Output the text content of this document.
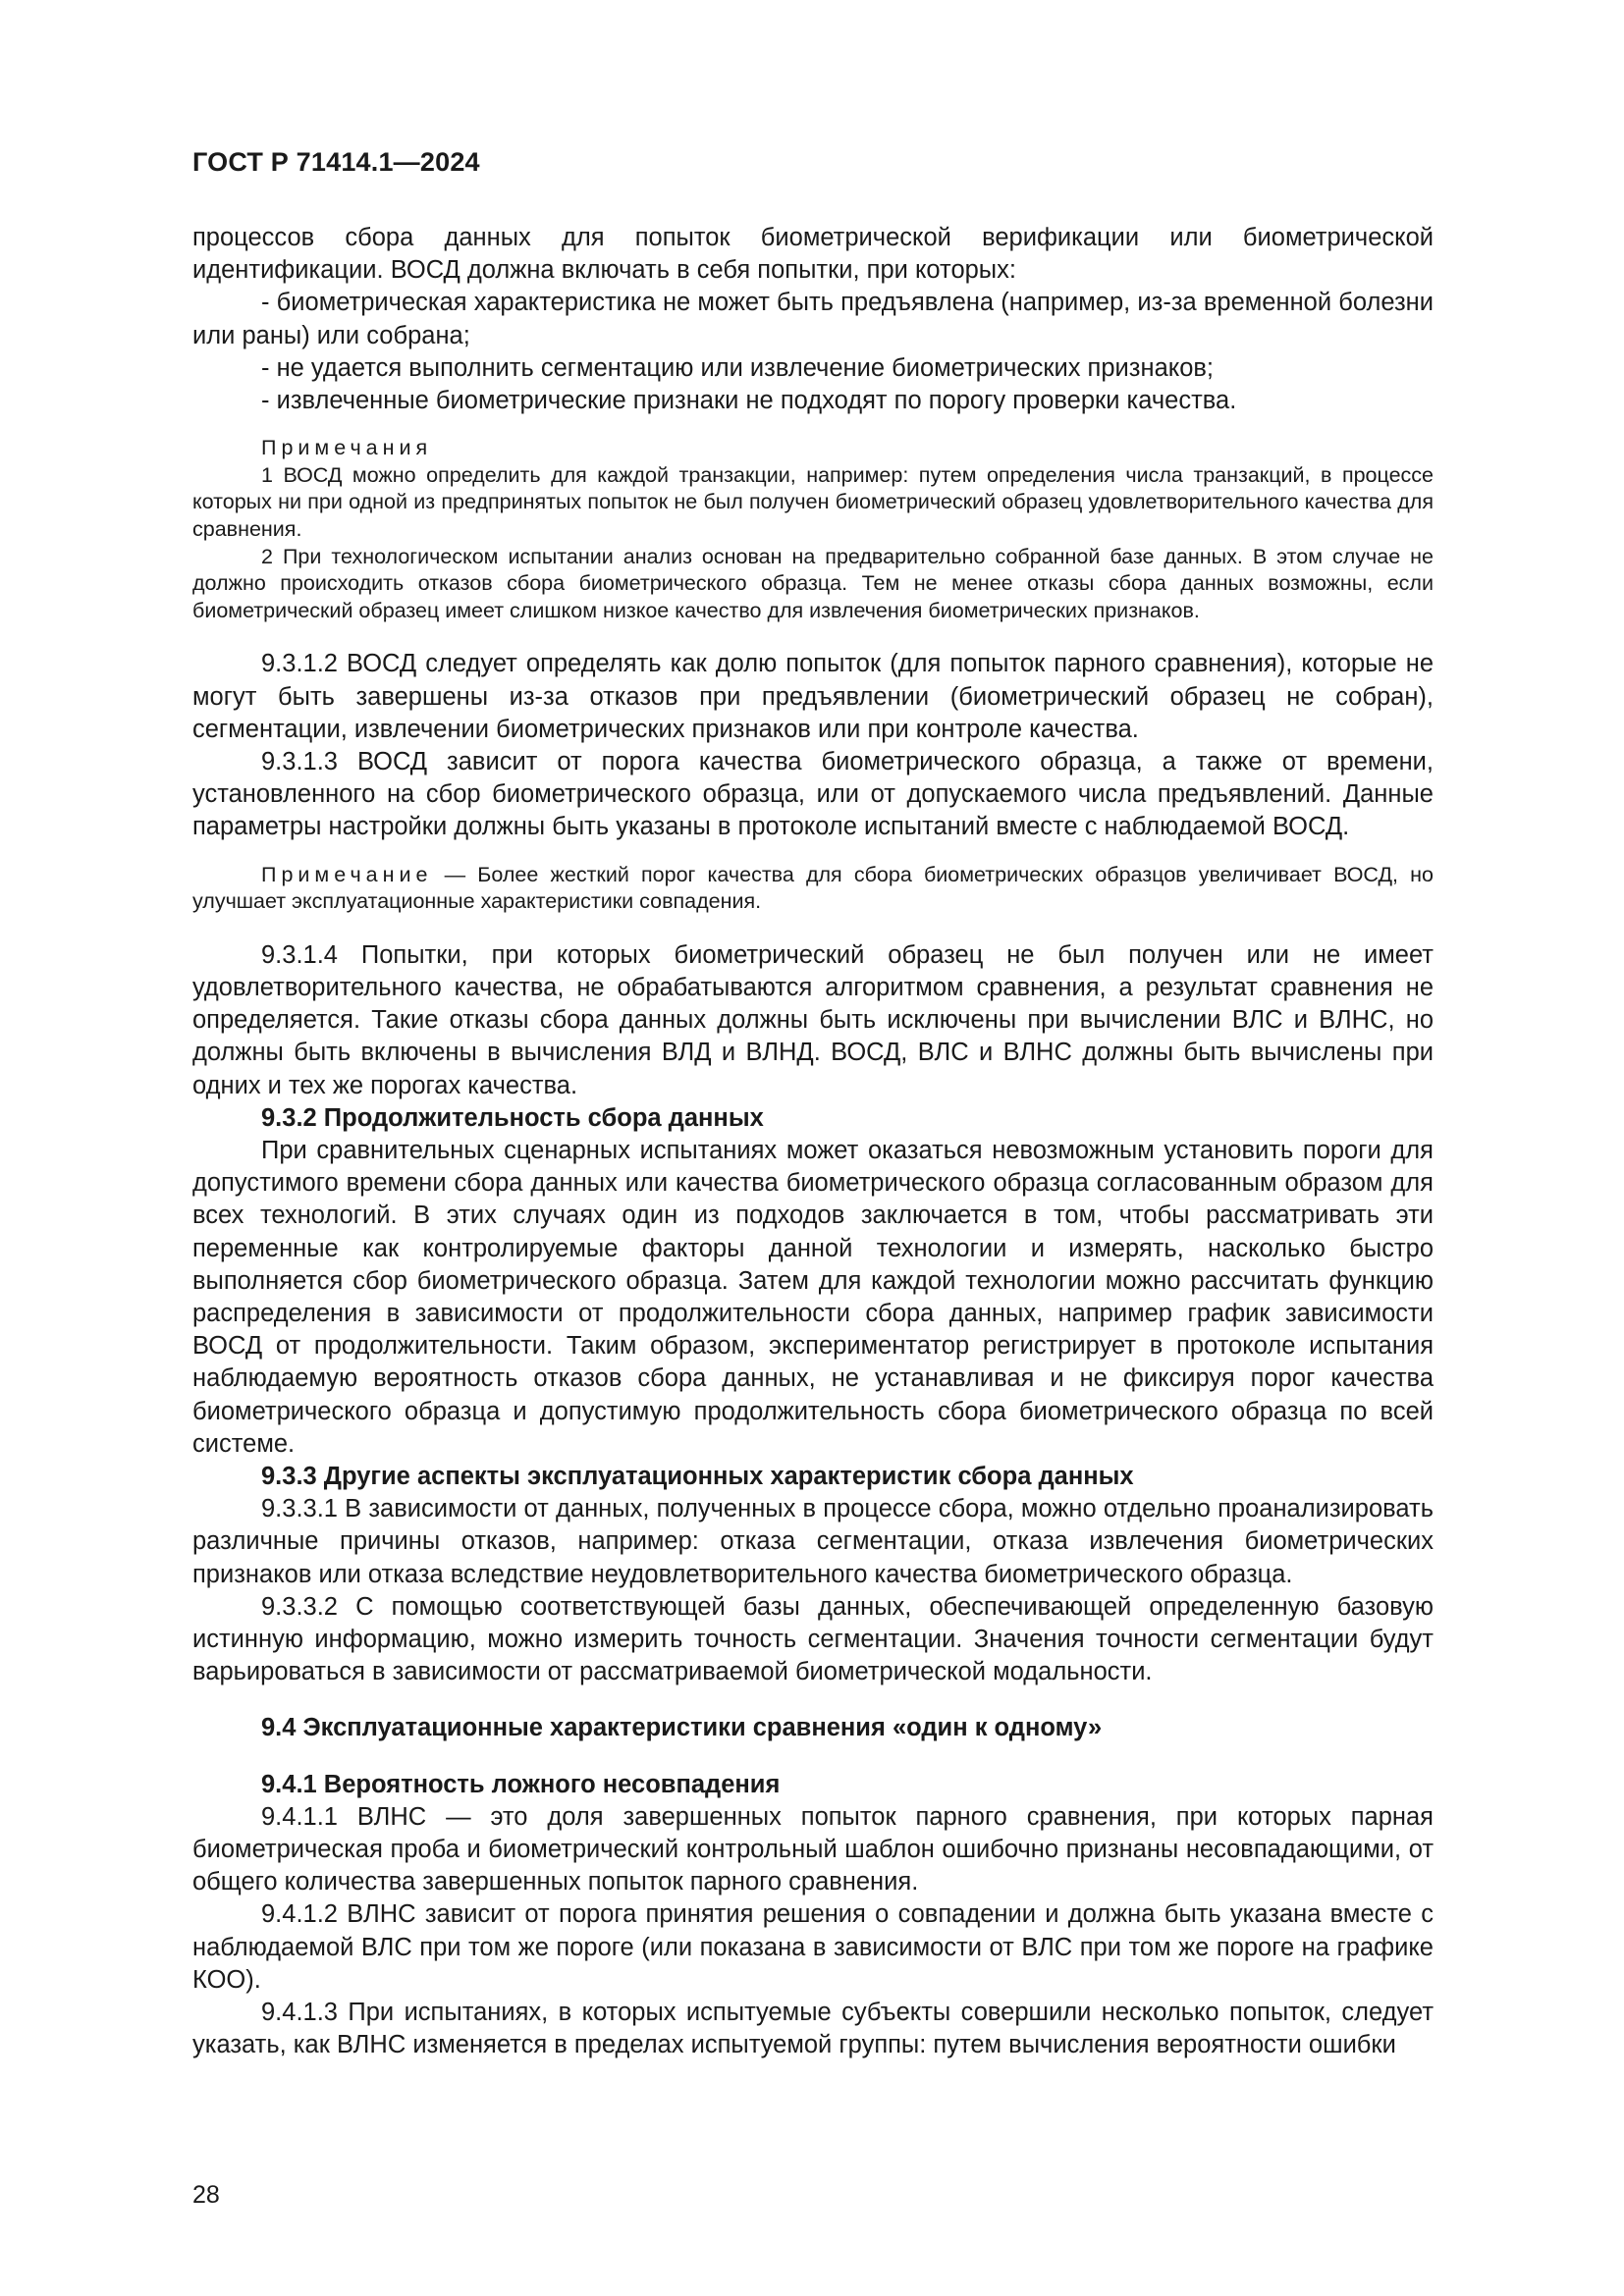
ГОСТ Р 71414.1—2024

процессов сбора данных для попыток биометрической верификации или биометрической идентификации. ВОСД должна включать в себя попытки, при которых:

- биометрическая характеристика не может быть предъявлена (например, из-за временной болезни или раны) или собрана;

- не удается выполнить сегментацию или извлечение биометрических признаков;

- извлеченные биометрические признаки не подходят по порогу проверки качества.

Примечания

1 ВОСД можно определить для каждой транзакции, например: путем определения числа транзакций, в процессе которых ни при одной из предпринятых попыток не был получен биометрический образец удовлетворительного качества для сравнения.

2 При технологическом испытании анализ основан на предварительно собранной базе данных. В этом случае не должно происходить отказов сбора биометрического образца. Тем не менее отказы сбора данных возможны, если биометрический образец имеет слишком низкое качество для извлечения биометрических признаков.

9.3.1.2 ВОСД следует определять как долю попыток (для попыток парного сравнения), которые не могут быть завершены из-за отказов при предъявлении (биометрический образец не собран), сегментации, извлечении биометрических признаков или при контроле качества.

9.3.1.3 ВОСД зависит от порога качества биометрического образца, а также от времени, установленного на сбор биометрического образца, или от допускаемого числа предъявлений. Данные параметры настройки должны быть указаны в протоколе испытаний вместе с наблюдаемой ВОСД.

Примечание — Более жесткий порог качества для сбора биометрических образцов увеличивает ВОСД, но улучшает эксплуатационные характеристики совпадения.

9.3.1.4 Попытки, при которых биометрический образец не был получен или не имеет удовлетворительного качества, не обрабатываются алгоритмом сравнения, а результат сравнения не определяется. Такие отказы сбора данных должны быть исключены при вычислении ВЛС и ВЛНС, но должны быть включены в вычисления ВЛД и ВЛНД. ВОСД, ВЛС и ВЛНС должны быть вычислены при одних и тех же порогах качества.

9.3.2 Продолжительность сбора данных

При сравнительных сценарных испытаниях может оказаться невозможным установить пороги для допустимого времени сбора данных или качества биометрического образца согласованным образом для всех технологий. В этих случаях один из подходов заключается в том, чтобы рассматривать эти переменные как контролируемые факторы данной технологии и измерять, насколько быстро выполняется сбор биометрического образца. Затем для каждой технологии можно рассчитать функцию распределения в зависимости от продолжительности сбора данных, например график зависимости ВОСД от продолжительности. Таким образом, экспериментатор регистрирует в протоколе испытания наблюдаемую вероятность отказов сбора данных, не устанавливая и не фиксируя порог качества биометрического образца и допустимую продолжительность сбора биометрического образца по всей системе.

9.3.3 Другие аспекты эксплуатационных характеристик сбора данных

9.3.3.1 В зависимости от данных, полученных в процессе сбора, можно отдельно проанализировать различные причины отказов, например: отказа сегментации, отказа извлечения биометрических признаков или отказа вследствие неудовлетворительного качества биометрического образца.

9.3.3.2 С помощью соответствующей базы данных, обеспечивающей определенную базовую истинную информацию, можно измерить точность сегментации. Значения точности сегментации будут варьироваться в зависимости от рассматриваемой биометрической модальности.

9.4 Эксплуатационные характеристики сравнения «один к одному»

9.4.1 Вероятность ложного несовпадения

9.4.1.1 ВЛНС — это доля завершенных попыток парного сравнения, при которых парная биометрическая проба и биометрический контрольный шаблон ошибочно признаны несовпадающими, от общего количества завершенных попыток парного сравнения.

9.4.1.2 ВЛНС зависит от порога принятия решения о совпадении и должна быть указана вместе с наблюдаемой ВЛС при том же пороге (или показана в зависимости от ВЛС при том же пороге на графике КОО).

9.4.1.3 При испытаниях, в которых испытуемые субъекты совершили несколько попыток, следует указать, как ВЛНС изменяется в пределах испытуемой группы: путем вычисления вероятности ошибки

28
